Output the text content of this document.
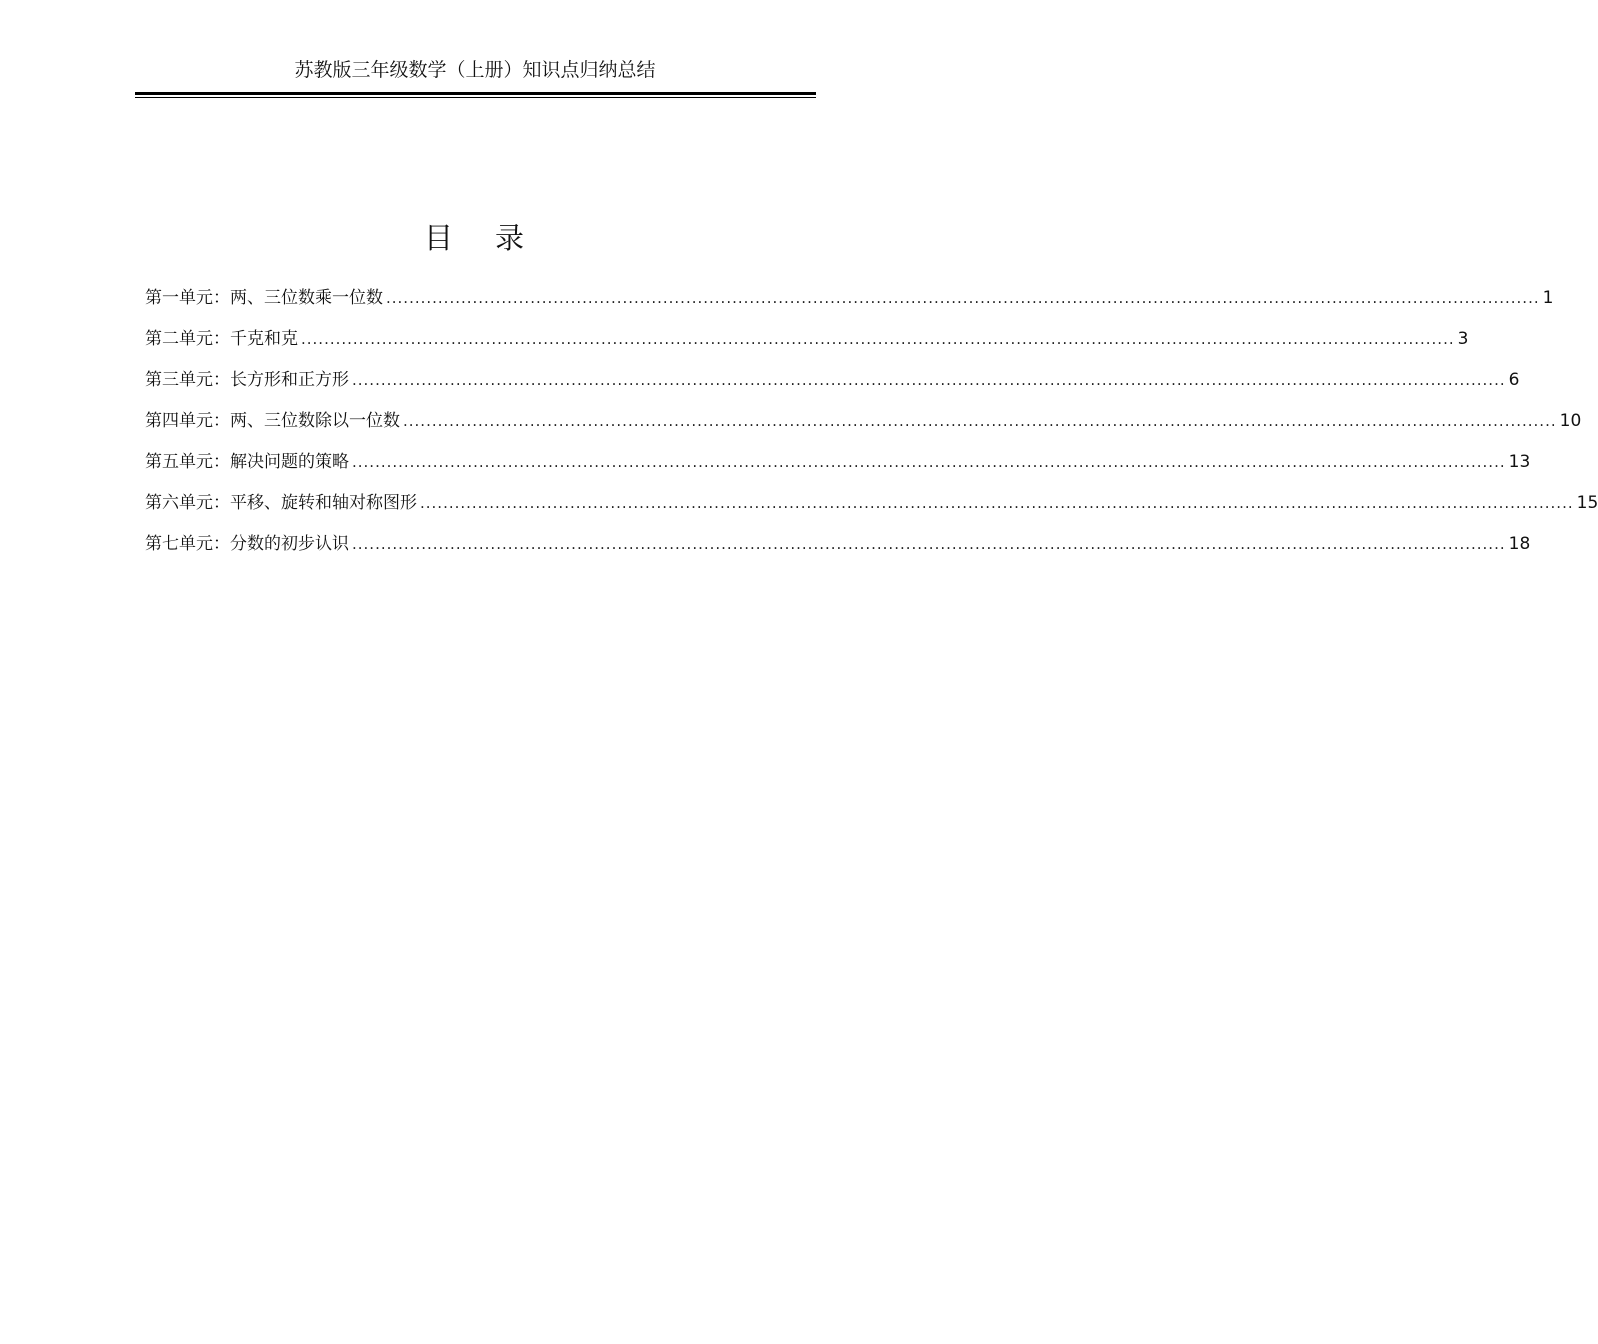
苏教版三年级数学（上册）知识点归纳总结
目 录
第一单元：两、三位数乘一位数 ........................................................................................................................................................................................................ 1
第二单元：千克和克 ........................................................................................................................................................................................................ 3
第三单元：长方形和正方形 ........................................................................................................................................................................................................ 6
第四单元：两、三位数除以一位数 ........................................................................................................................................................................................................ 10
第五单元：解决问题的策略 ........................................................................................................................................................................................................ 13
第六单元：平移、旋转和轴对称图形 ........................................................................................................................................................................................................ 15
第七单元：分数的初步认识 ........................................................................................................................................................................................................ 18
